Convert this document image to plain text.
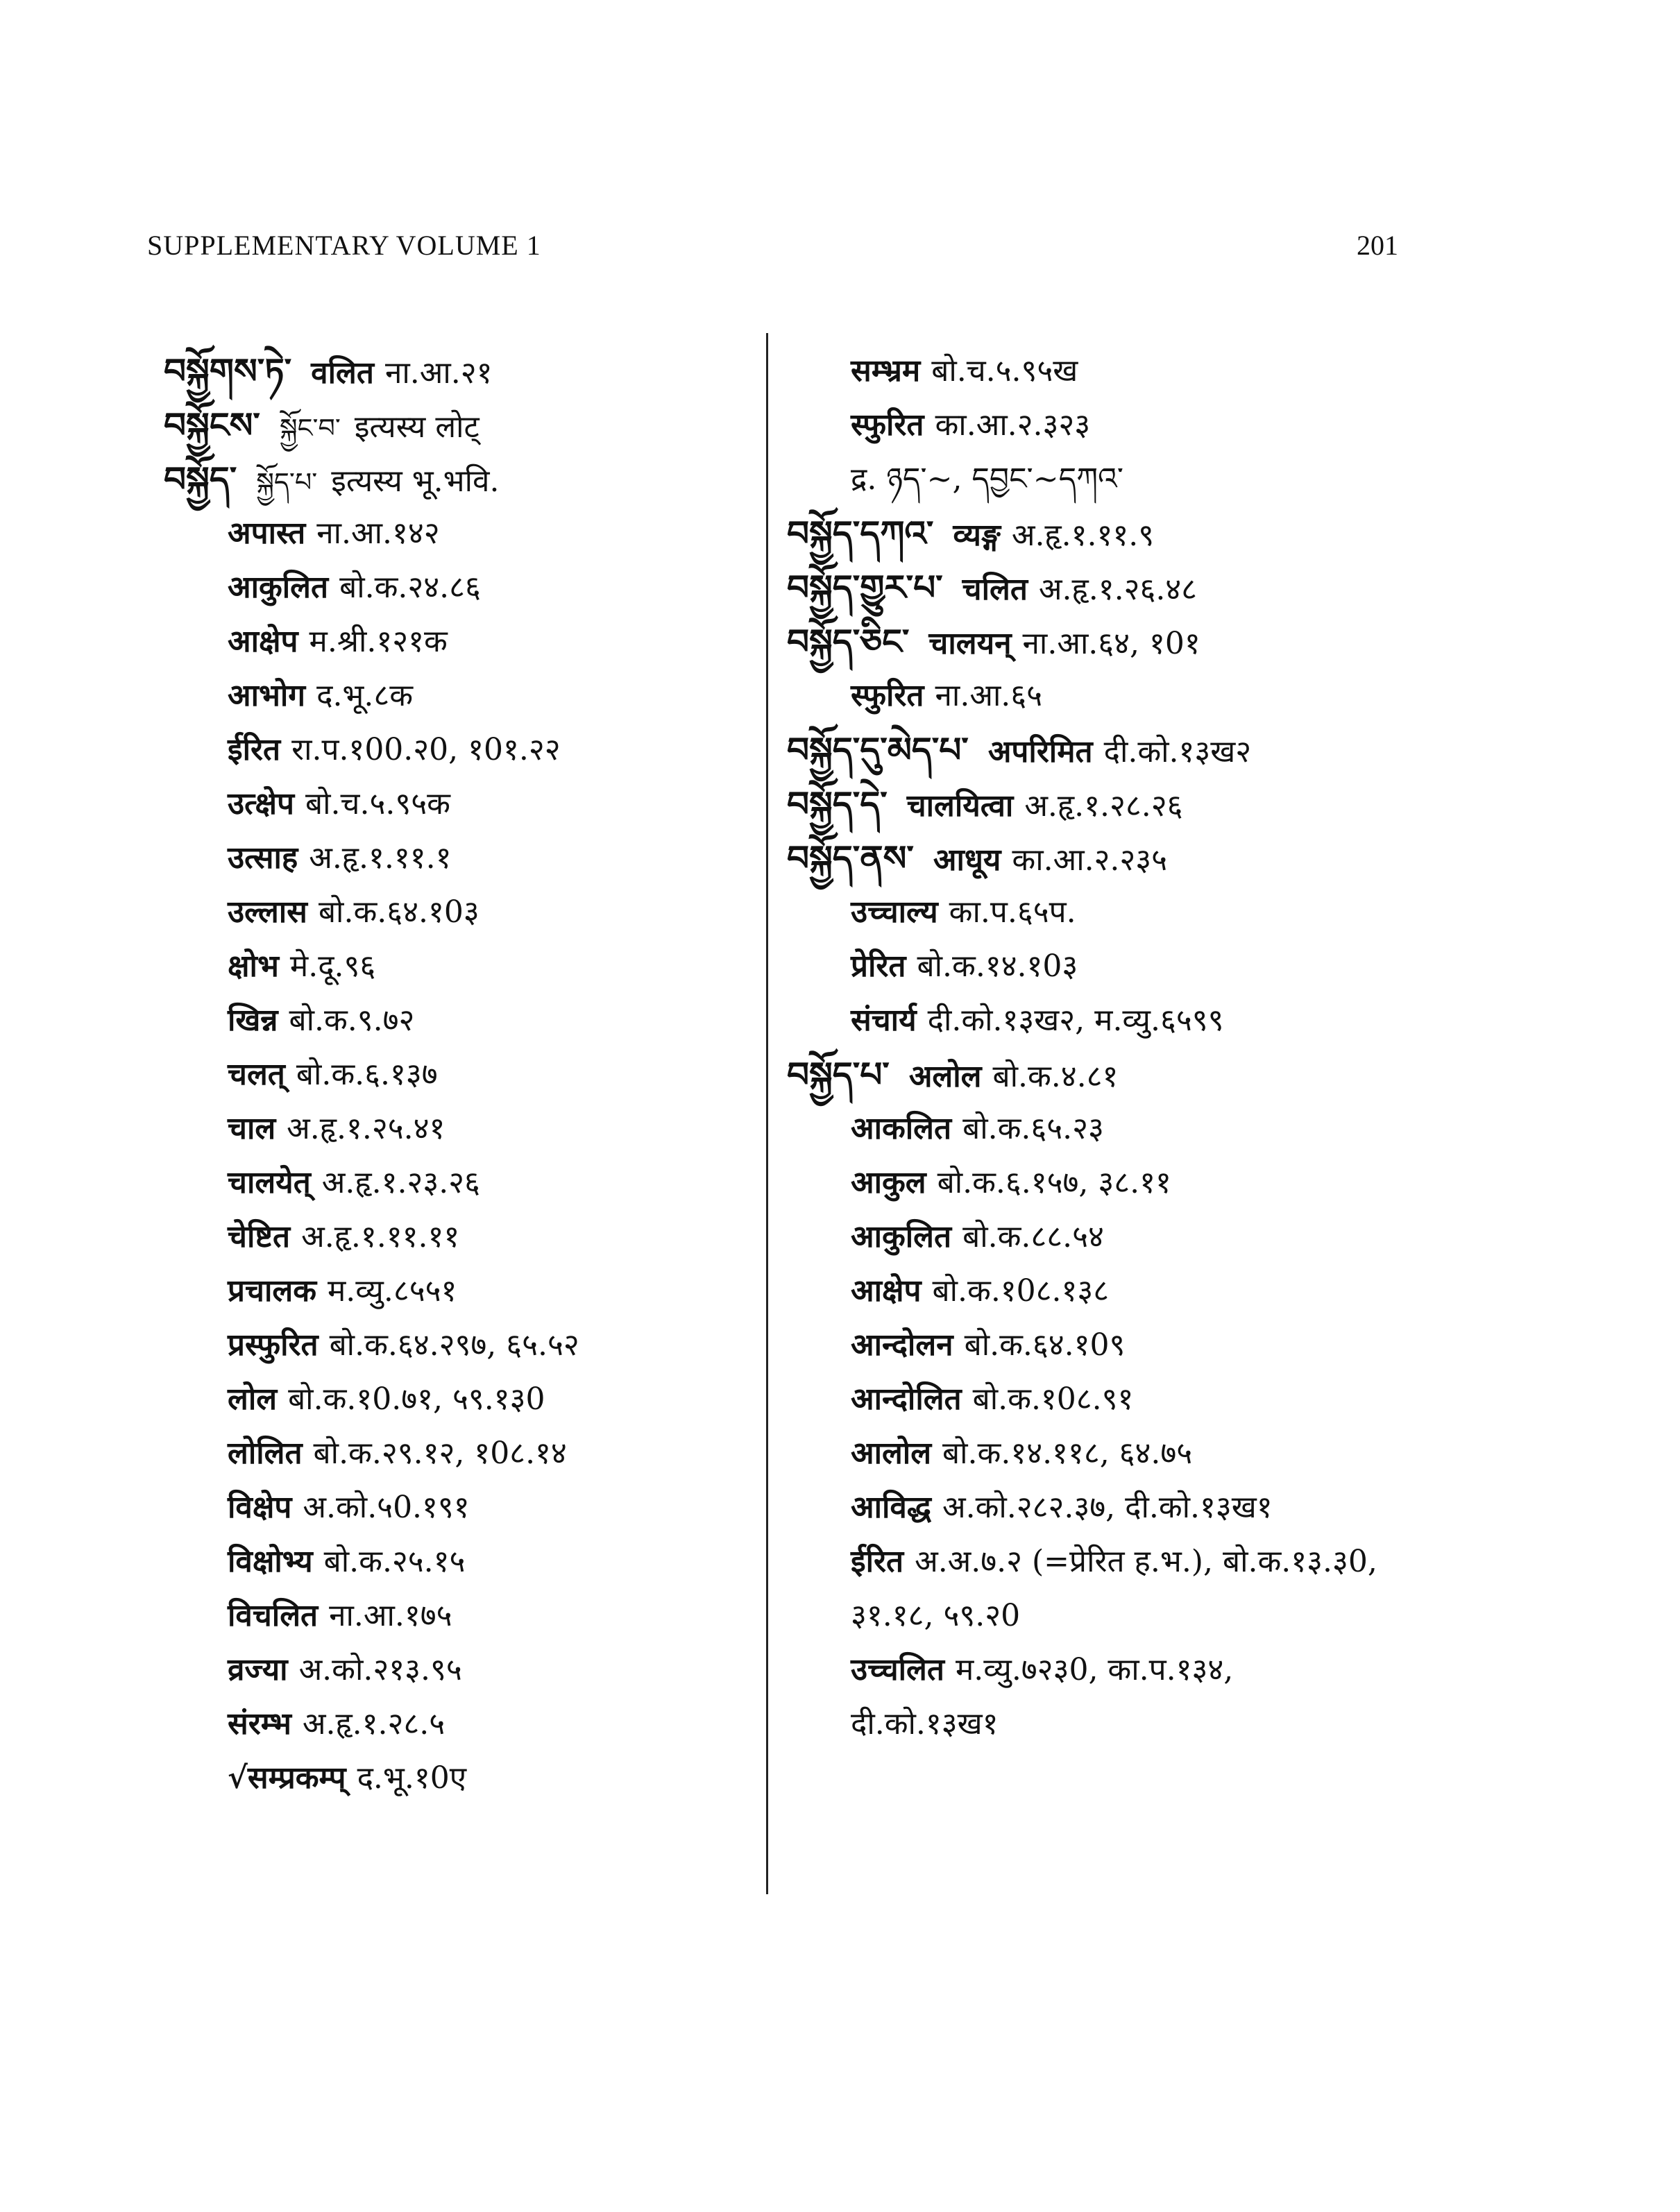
SUPPLEMENTARY VOLUME 1	201
བསྐྱོགས་ཏེ་ वलित ना.आ.२१
བསྐྱོངས་ སྐྱོང་བ་ इत्यस्य लोट्
བསྐྱོད་ སྐྱོད་པ་ इत्यस्य भू.भवि.
अपास्त ना.आ.१४२
आकुलित बो.क.२४.८६
आक्षेप म.श्री.१२१क
आभोग द.भू.८क
ईरित रा.प.१00.२0, १0१.२२
उत्क्षेप बो.च.५.९५क
उत्साह अ.हृ.१.११.१
उल्लास बो.क.६४.१0३
क्षोभ मे.दू.९६
खिन्न बो.क.९.७२
चलत् बो.क.६.१३७
चाल अ.हृ.१.२५.४१
चालयेत् अ.हृ.१.२३.२६
चेष्टित अ.हृ.१.११.११
प्रचालक म.व्यु.८५५१
प्रस्फुरित बो.क.६४.२९७, ६५.५२
लोल बो.क.१0.७१, ५९.१३0
लोलित बो.क.२९.१२, १0८.१४
विक्षेप अ.को.५0.१९१
विक्षोभ्य बो.क.२५.१५
विचलित ना.आ.१७५
व्रज्या अ.को.२१३.९५
संरम्भ अ.हृ.१.२८.५
√सम्प्रकम्प् द.भू.१0ए
सम्भ्रम बो.च.५.९५ख
स्फुरित का.आ.२.३२३
द्र. ཉད་~, དབྱང་~དཀའ་
བསྐྱོད་དཀའ་ व्यङ्ग अ.हृ.१.११.९
བསྐྱོད་གྱུར་པ་ चलित अ.हृ.१.२६.४८
བསྐྱོད་ཅིང་ चालयन् ना.आ.६४, १0१
स्फुरित ना.आ.६५
བསྐྱོད་དུ་མེད་པ་ अपरिमित दी.को.१३ख२
བསྐྱོད་དེ་ चालयित्वा अ.हृ.१.२८.२६
བསྐྱོད་ནས་ आधूय का.आ.२.२३५
उच्चाल्य का.प.६५प.
प्रेरित बो.क.१४.१0३
संचार्य दी.को.१३ख२, म.व्यु.६५९९
བསྐྱོད་པ་ अलोल बो.क.४.८१
आकलित बो.क.६५.२३
आकुल बो.क.६.१५७, ३८.११
आकुलित बो.क.८८.५४
आक्षेप बो.क.१0८.१३८
आन्दोलन बो.क.६४.१0९
आन्दोलित बो.क.१0८.९१
आलोल बो.क.१४.११८, ६४.७५
आविद्ध अ.को.२८२.३७, दी.को.१३ख१
ईरित अ.अ.७.२ (=प्रेरित ह.भ.), बो.क.१३.३0,
३१.१८, ५९.२0
उच्चलित म.व्यु.७२३0, का.प.१३४,
दी.को.१३ख१
